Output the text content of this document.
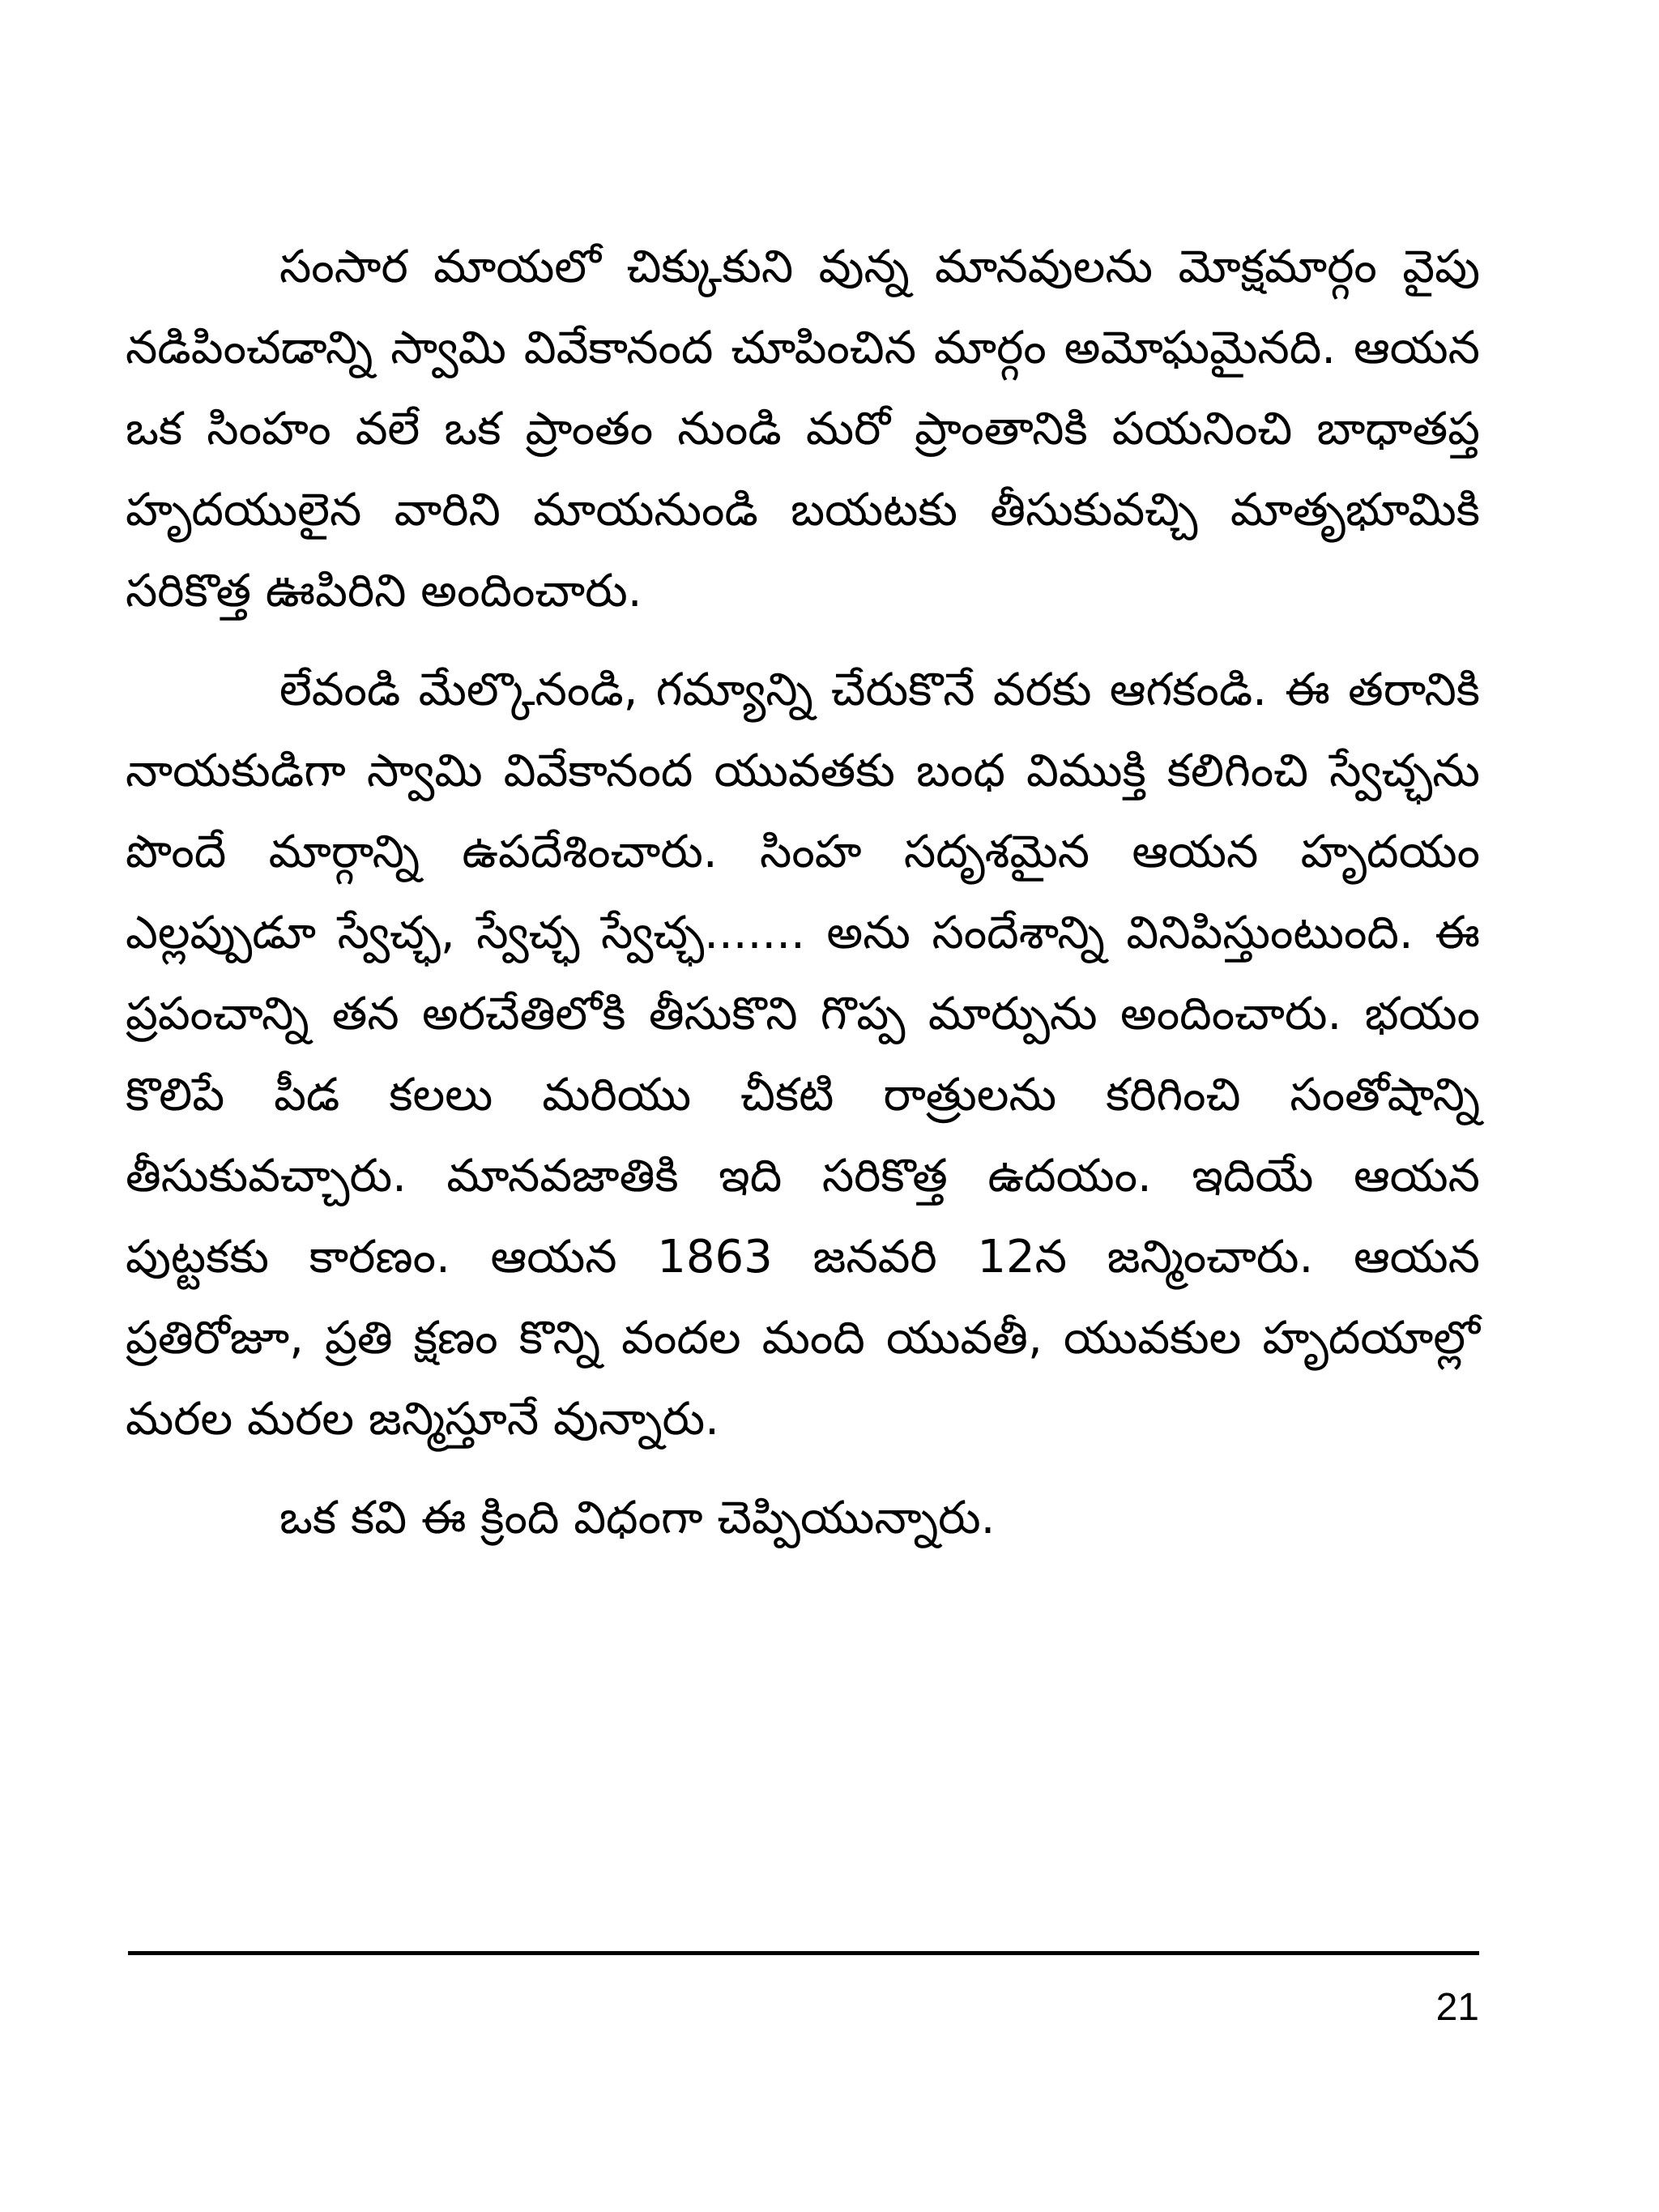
సంసార మాయలో చిక్కుకుని వున్న మానవులను మోక్షమార్గం వైపు నడిపించడాన్ని స్వామి వివేకానంద చూపించిన మార్గం అమోఘమైనది. ఆయన ఒక సింహం వలే ఒక ప్రాంతం నుండి మరో ప్రాంతానికి పయనించి బాధాతప్త హృదయులైన వారిని మాయనుండి బయటకు తీసుకువచ్చి మాతృభూమికి సరికొత్త ఊపిరిని అందించారు.

లేవండి మేల్కొనండి, గమ్యాన్ని చేరుకొనే వరకు ఆగకండి. ఈ తరానికి నాయకుడిగా స్వామి వివేకానంద యువతకు బంధ విముక్తి కలిగించి స్వేచ్ఛను పొందే మార్గాన్ని ఉపదేశించారు. సింహ సదృశమైన ఆయన హృదయం ఎల్లప్పుడూ స్వేచ్ఛ, స్వేచ్ఛ స్వేచ్ఛ....... అను సందేశాన్ని వినిపిస్తుంటుంది. ఈ ప్రపంచాన్ని తన అరచేతిలోకి తీసుకొని గొప్ప మార్పును అందించారు. భయం కొలిపే పీడ కలలు మరియు చీకటి రాత్రులను కరిగించి సంతోషాన్ని తీసుకువచ్చారు. మానవజాతికి ఇది సరికొత్త ఉదయం. ఇదియే ఆయన పుట్టకకు కారణం. ఆయన 1863 జనవరి 12న జన్మించారు. ఆయన ప్రతిరోజూ, ప్రతి క్షణం కొన్ని వందల మంది యువతీ, యువకుల హృదయాల్లో మరల మరల జన్మిస్తూనే వున్నారు.

ఒక కవి ఈ క్రింది విధంగా చెప్పియున్నారు.

21
